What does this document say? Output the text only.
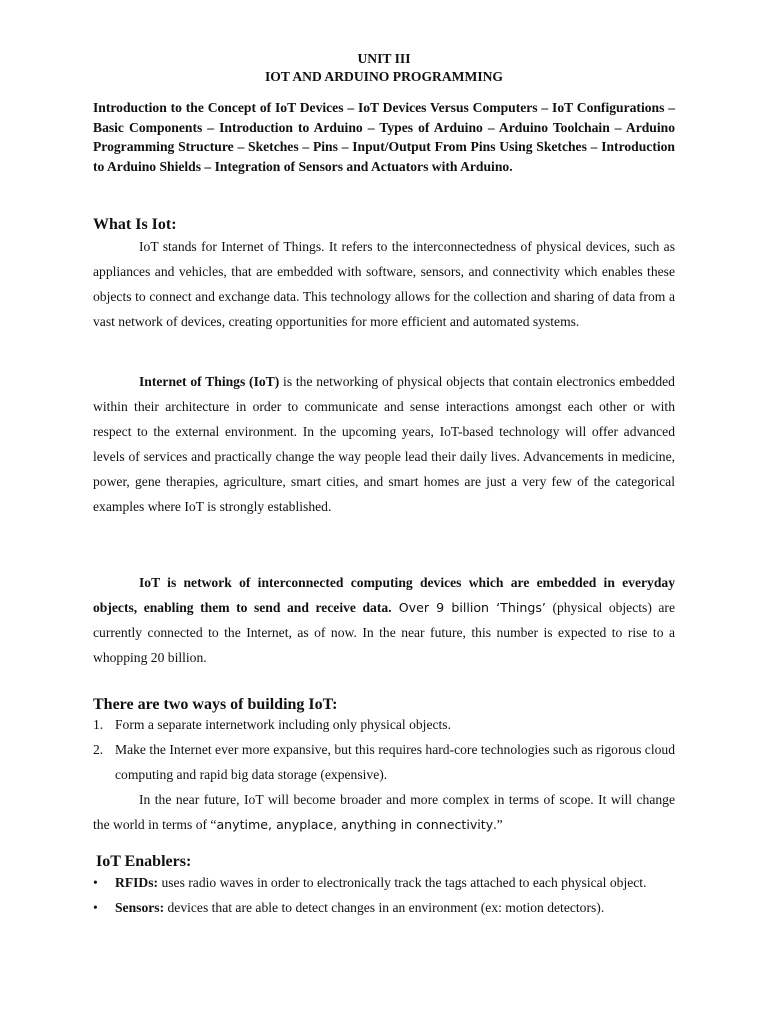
UNIT III
IOT AND ARDUINO PROGRAMMING
Introduction to the Concept of IoT Devices – IoT Devices Versus Computers – IoT Configurations – Basic Components – Introduction to Arduino – Types of Arduino – Arduino Toolchain – Arduino Programming Structure – Sketches – Pins – Input/Output From Pins Using Sketches – Introduction to Arduino Shields – Integration of Sensors and Actuators with Arduino.
What Is Iot:
IoT stands for Internet of Things. It refers to the interconnectedness of physical devices, such as appliances and vehicles, that are embedded with software, sensors, and connectivity which enables these objects to connect and exchange data. This technology allows for the collection and sharing of data from a vast network of devices, creating opportunities for more efficient and automated systems.
Internet of Things (IoT) is the networking of physical objects that contain electronics embedded within their architecture in order to communicate and sense interactions amongst each other or with respect to the external environment. In the upcoming years, IoT-based technology will offer advanced levels of services and practically change the way people lead their daily lives. Advancements in medicine, power, gene therapies, agriculture, smart cities, and smart homes are just a very few of the categorical examples where IoT is strongly established.
IoT is network of interconnected computing devices which are embedded in everyday objects, enabling them to send and receive data. Over 9 billion ‘Things’ (physical objects) are currently connected to the Internet, as of now. In the near future, this number is expected to rise to a whopping 20 billion.
There are two ways of building IoT:
1. Form a separate internetwork including only physical objects.
2. Make the Internet ever more expansive, but this requires hard-core technologies such as rigorous cloud computing and rapid big data storage (expensive).
In the near future, IoT will become broader and more complex in terms of scope. It will change the world in terms of “anytime, anyplace, anything in connectivity.”
IoT Enablers:
• RFIDs: uses radio waves in order to electronically track the tags attached to each physical object.
• Sensors: devices that are able to detect changes in an environment (ex: motion detectors).
